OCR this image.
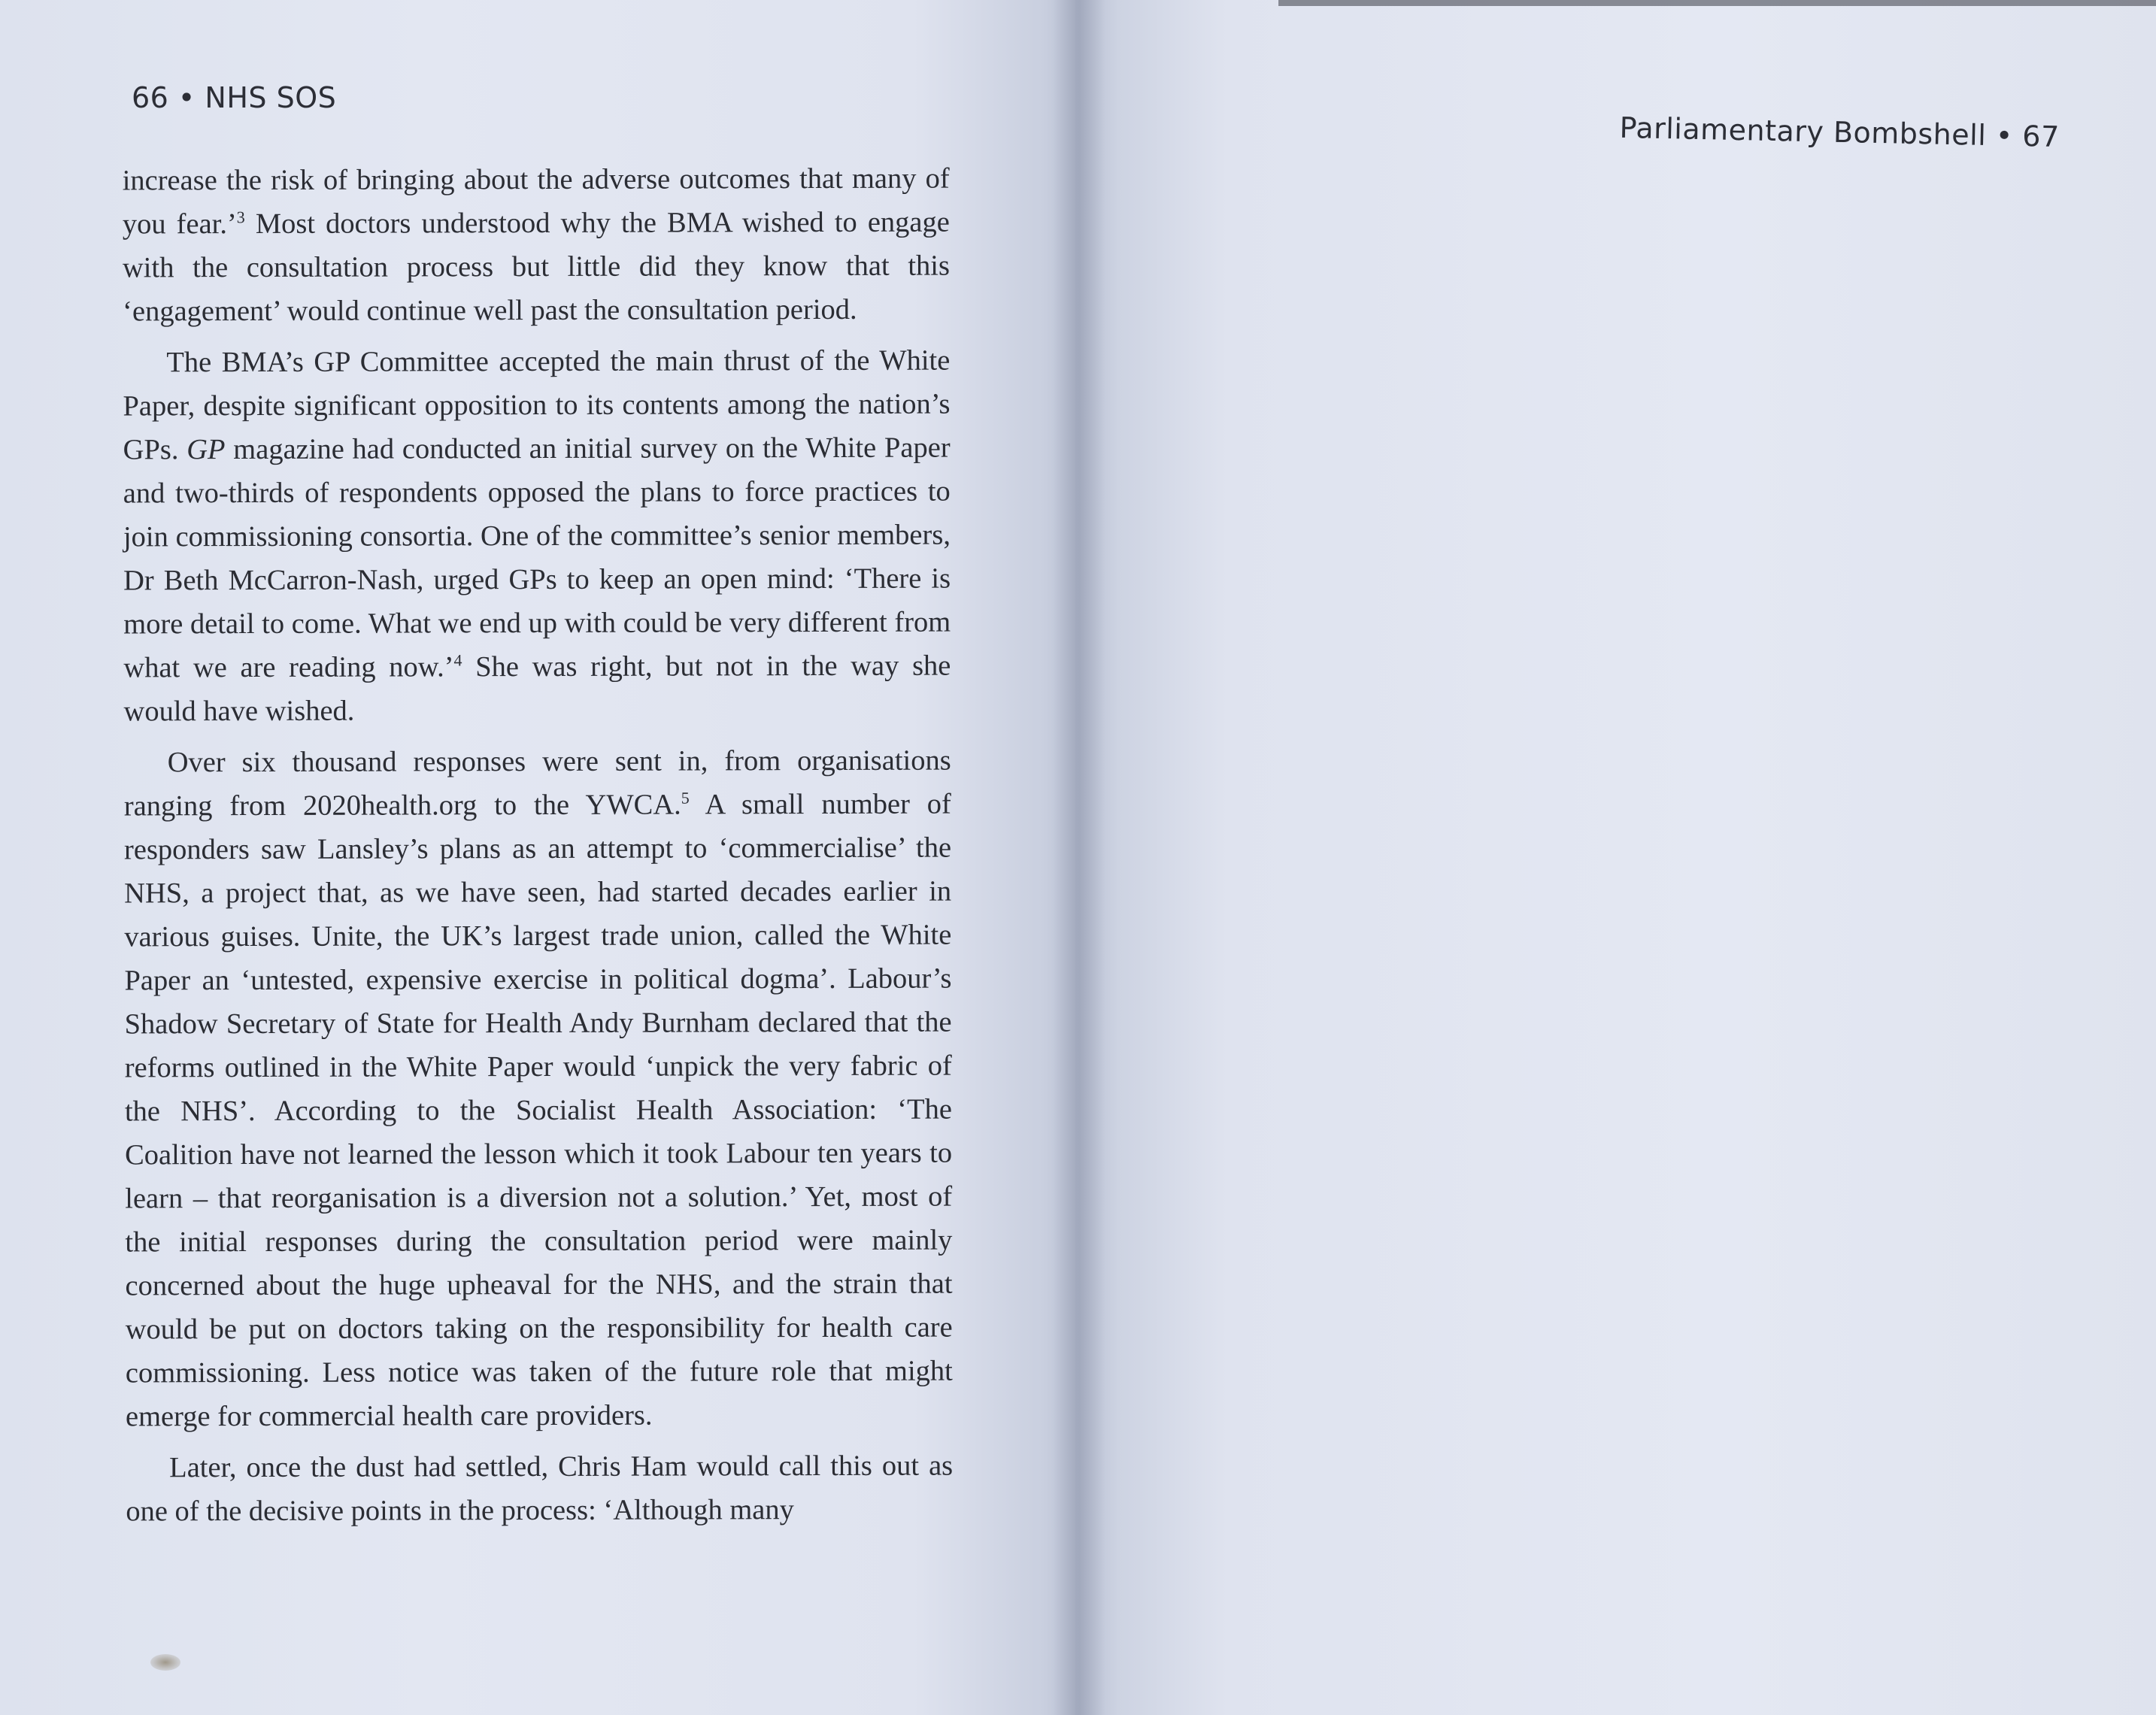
66 • NHS SOS

increase the risk of bringing about the adverse outcomes that many of you fear.’$^3$ Most doctors understood why the BMA wished to engage with the consultation process but little did they know that this ‘engagement’ would continue well past the consultation period.

The BMA’s GP Committee accepted the main thrust of the White Paper, despite significant opposition to its contents among the nation’s GPs. GP magazine had conducted an initial survey on the White Paper and two-thirds of respondents opposed the plans to force practices to join commissioning consortia. One of the committee’s senior members, Dr Beth McCarron-Nash, urged GPs to keep an open mind: ‘There is more detail to come. What we end up with could be very different from what we are reading now.’$^4$ She was right, but not in the way she would have wished.

Over six thousand responses were sent in, from organisations ranging from 2020health.org to the YWCA.$^5$ A small number of responders saw Lansley’s plans as an attempt to ‘commercialise’ the NHS, a project that, as we have seen, had started decades earlier in various guises. Unite, the UK’s largest trade union, called the White Paper an ‘untested, expensive exercise in political dogma’. Labour’s Shadow Secretary of State for Health Andy Burnham declared that the reforms outlined in the White Paper would ‘unpick the very fabric of the NHS’. According to the Socialist Health Association: ‘The Coalition have not learned the lesson which it took Labour ten years to learn – that reorganisation is a diversion not a solution.’ Yet, most of the initial responses during the consultation period were mainly concerned about the huge upheaval for the NHS, and the strain that would be put on doctors taking on the responsibility for health care commissioning. Less notice was taken of the future role that might emerge for commercial health care providers.

Later, once the dust had settled, Chris Ham would call this out as one of the decisive points in the process: ‘Although many

Parliamentary Bombshell • 67
